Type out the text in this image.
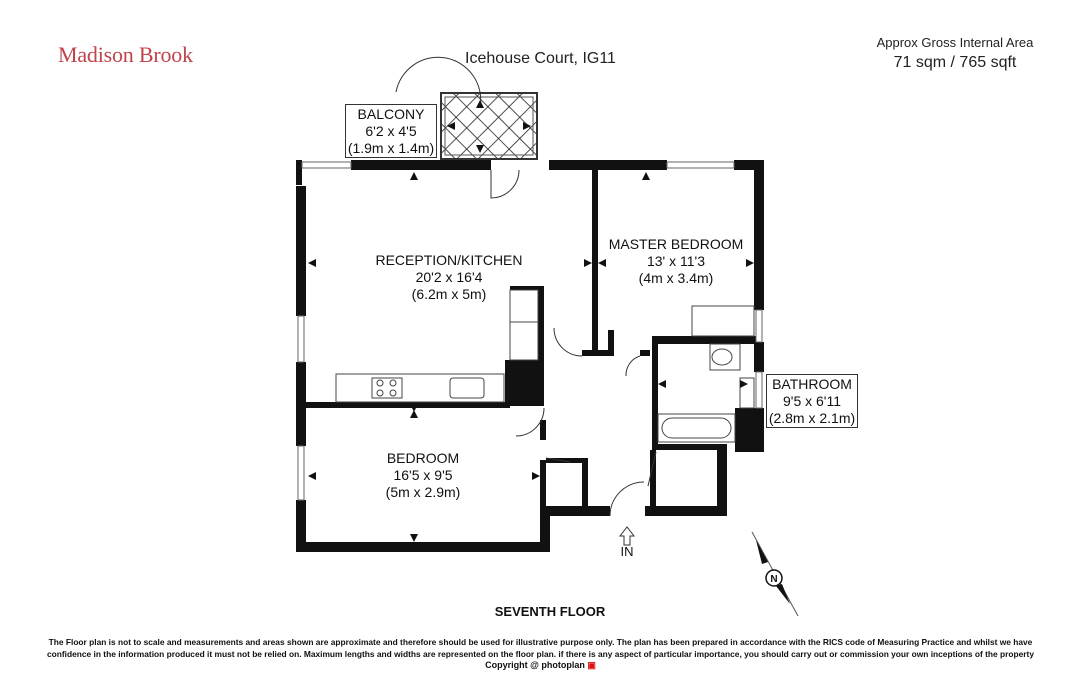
Madison Brook	Icehouse Court, IG11
Approx Gross Internal Area
71 sqm / 765 sqft
N
BALCONY
6'2 x 4'5
(1.9m x 1.4m)
RECEPTION/KITCHEN
20'2 x 16'4
(6.2m x 5m)
MASTER BEDROOM
13' x 11'3
(4m x 3.4m)
BATHROOM
9'5 x 6'11
(2.8m x 2.1m)
BEDROOM
16'5 x 9'5
(5m x 2.9m)
IN
SEVENTH FLOOR
The Floor plan is not to scale and measurements and areas shown are approximate and therefore should be used for illustrative purpose only. The plan has been prepared in accordance with the RICS code of Measuring Practice and whilst we have confidence in the information produced it must not be relied on. Maximum lengths and widths are represented on the floor plan. if there is any aspect of particular importance, you should carry out or commission your own inceptions of the property
Copyright @ photoplan ▣
